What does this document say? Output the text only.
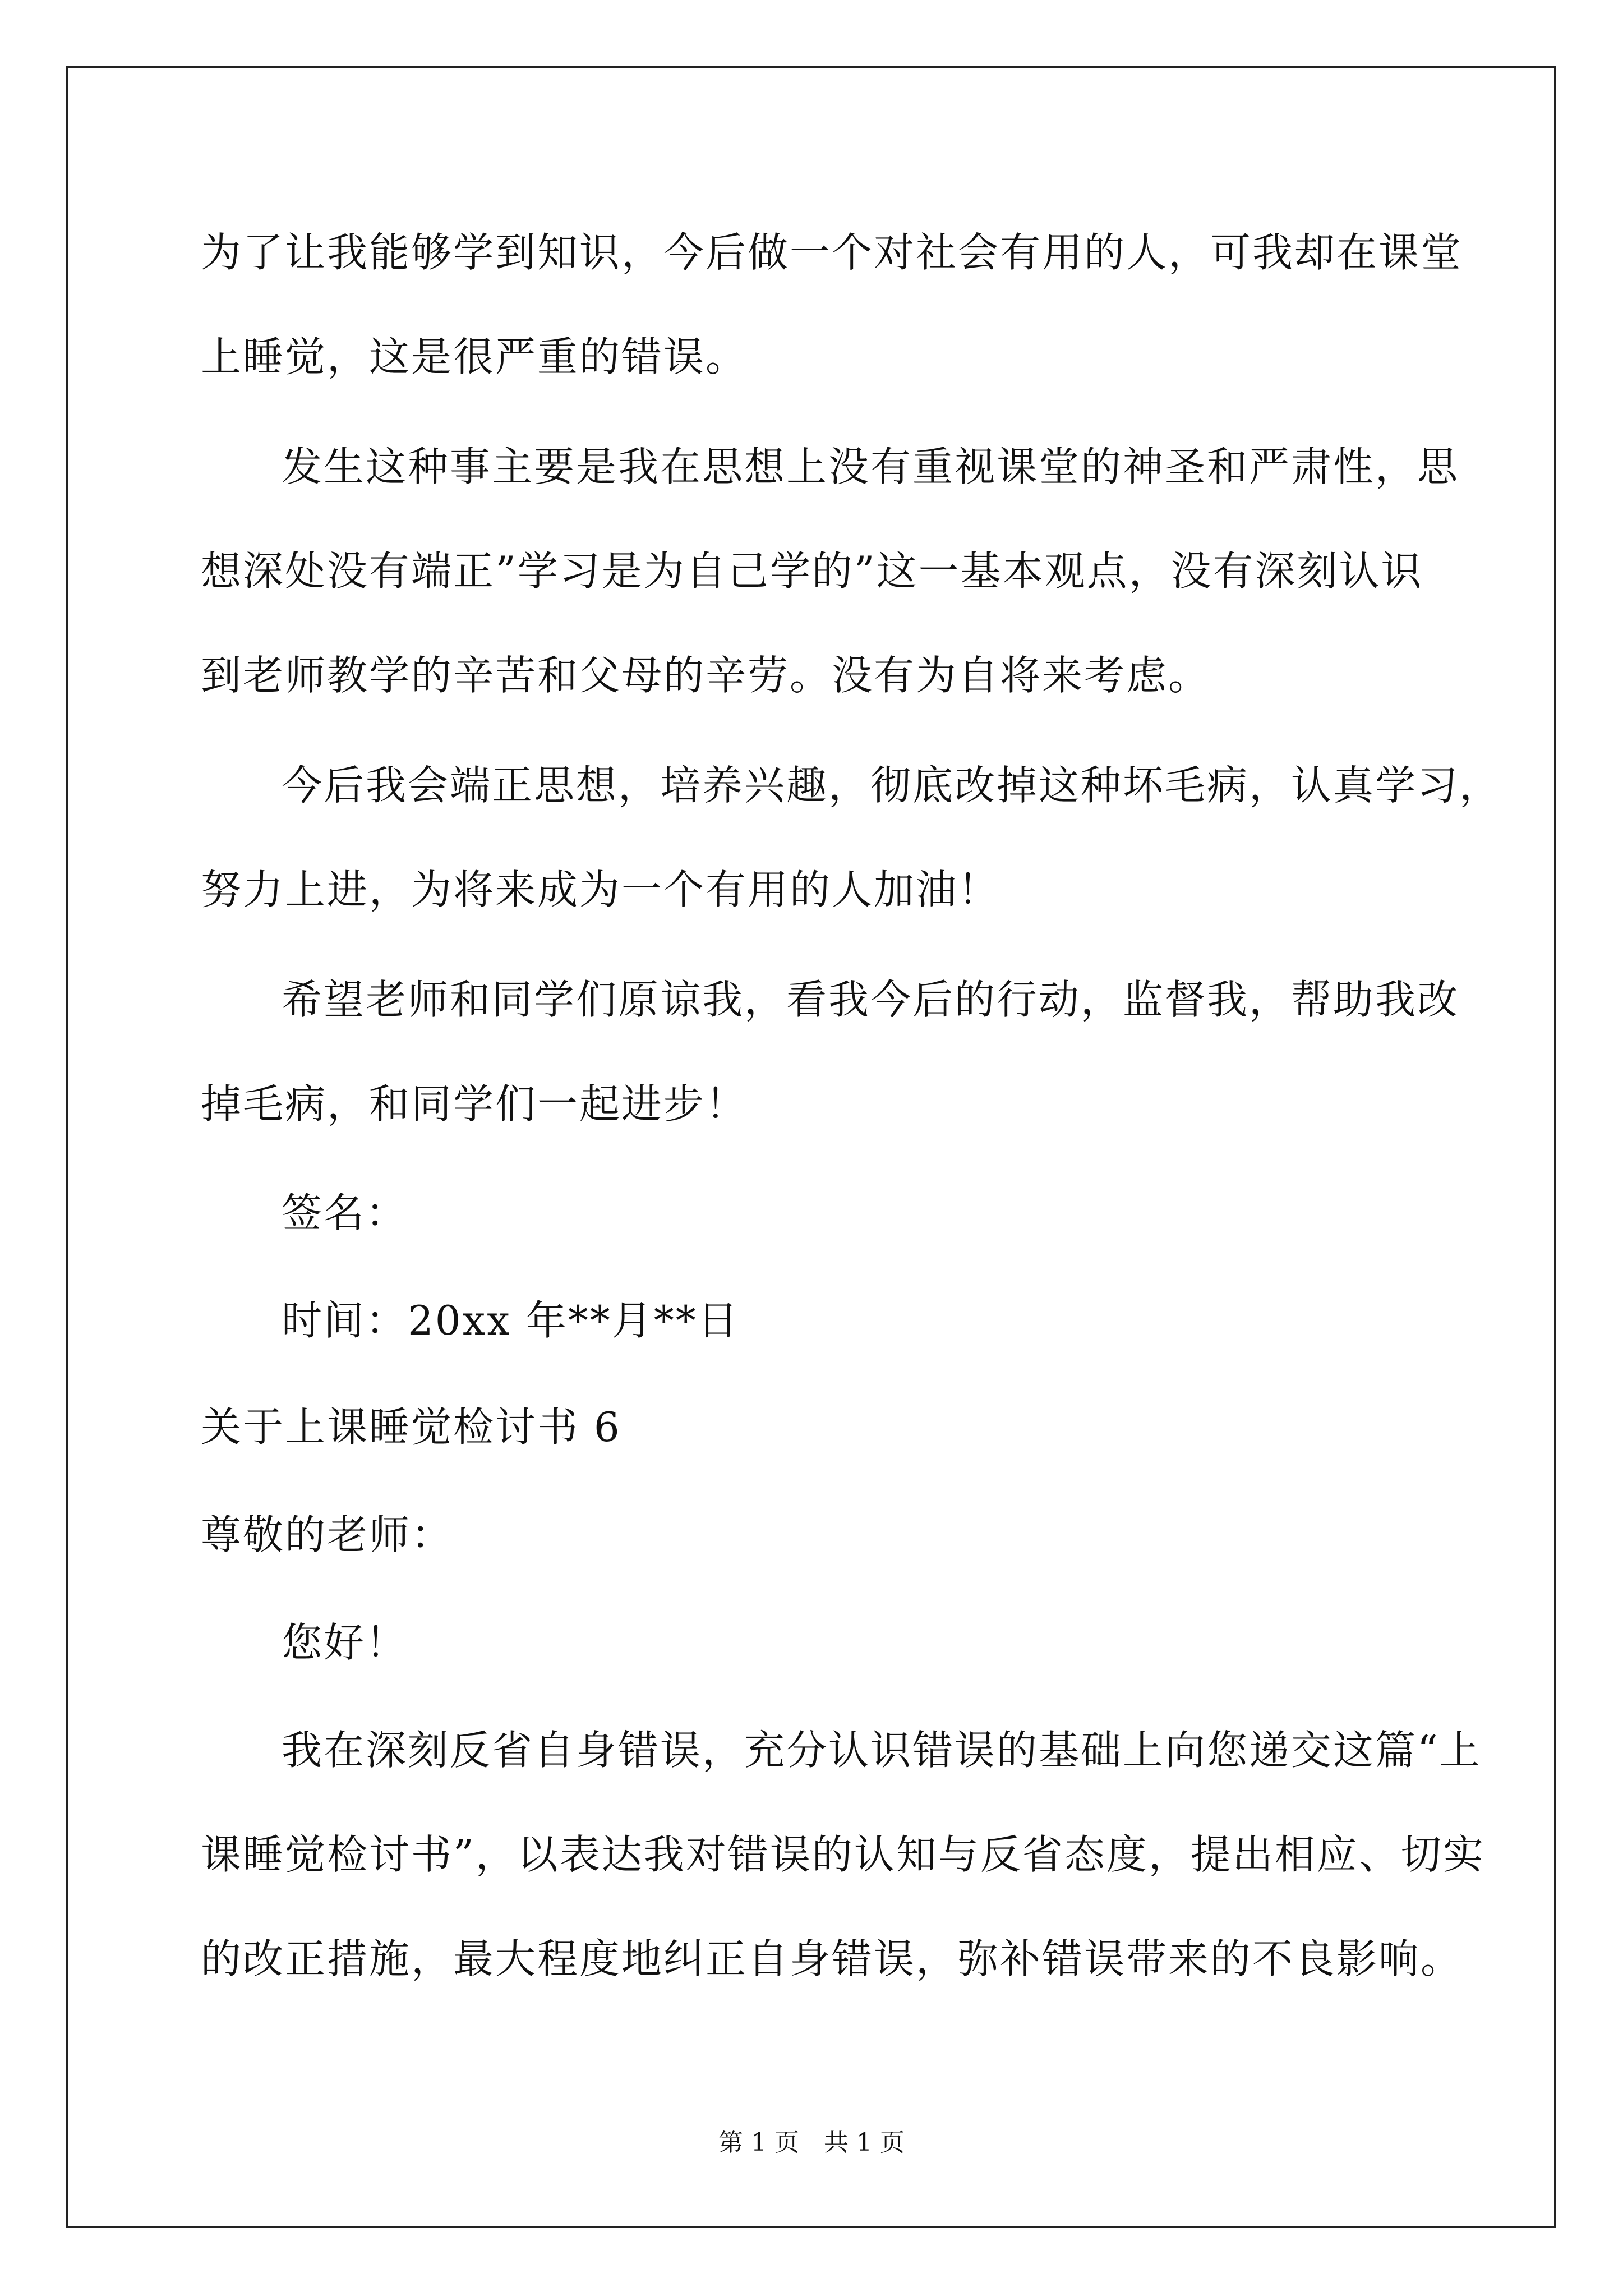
为了让我能够学到知识，今后做一个对社会有用的人，可我却在课堂
上睡觉，这是很严重的错误。
发生这种事主要是我在思想上没有重视课堂的神圣和严肃性，思
想深处没有端正”学习是为自己学的”这一基本观点，没有深刻认识
到老师教学的辛苦和父母的辛劳。没有为自将来考虑。
今后我会端正思想，培养兴趣，彻底改掉这种坏毛病，认真学习，
努力上进，为将来成为一个有用的人加油！
希望老师和同学们原谅我，看我今后的行动，监督我，帮助我改
掉毛病，和同学们一起进步！
签名：
时间：20xx 年**月**日
关于上课睡觉检讨书 6
尊敬的老师：
您好！
我在深刻反省自身错误，充分认识错误的基础上向您递交这篇“上
课睡觉检讨书”，以表达我对错误的认知与反省态度，提出相应、切实
的改正措施，最大程度地纠正自身错误，弥补错误带来的不良影响。
第 1 页　共 1 页
